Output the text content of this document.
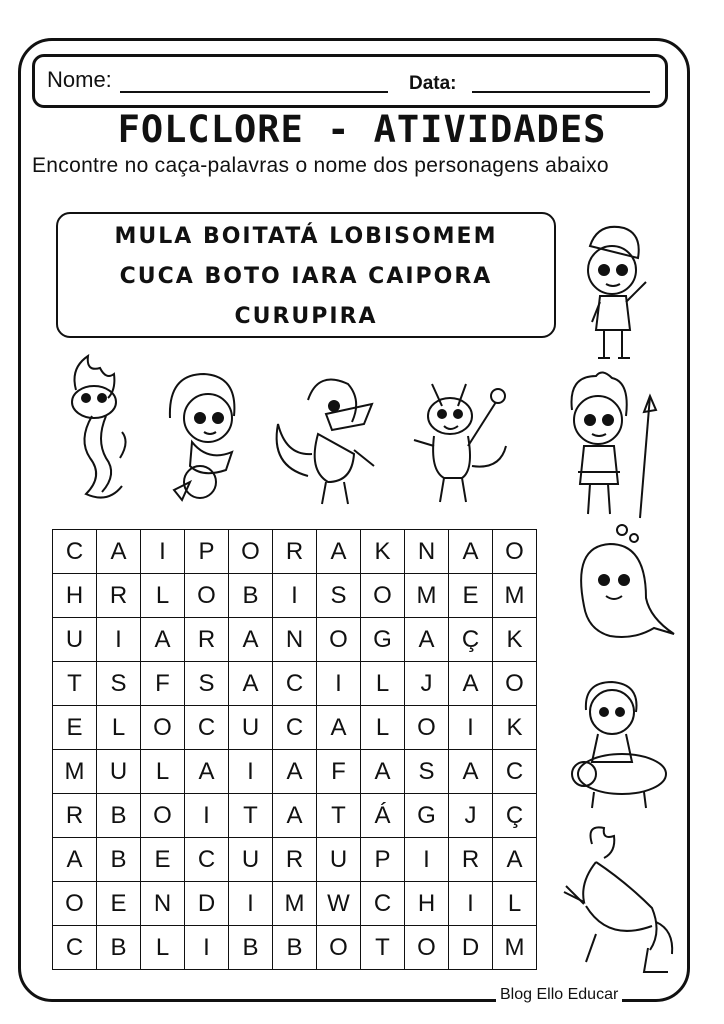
Nome:	Data:
FOLCLORE - ATIVIDADES
Encontre no caça-palavras o nome dos personagens abaixo
MULA BOITATÁ LOBISOMEM
CUCA BOTO IARA CAIPORA
CURUPIRA
C	A	I	P	O	R	A	K	N	A	O
H	R	L	O	B	I	S	O	M	E	M
U	I	A	R	A	N	O	G	A	Ç	K
T	S	F	S	A	C	I	L	J	A	O
E	L	O	C	U	C	A	L	O	I	K
M	U	L	A	I	A	F	A	S	A	C
R	B	O	I	T	A	T	Á	G	J	Ç
A	B	E	C	U	R	U	P	I	R	A
O	E	N	D	I	M	W	C	H	I	L
C	B	L	I	B	B	O	T	O	D	M
Blog Ello Educar
